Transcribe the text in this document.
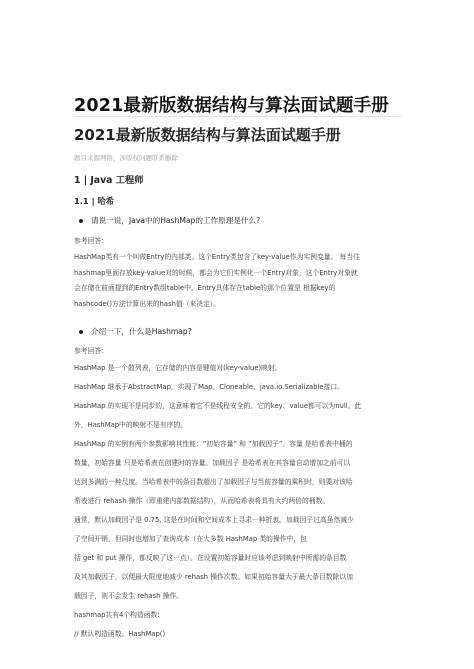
2021最新版数据结构与算法面试题手册
2021最新版数据结构与算法面试题手册

题目来源网络，涉版权问题联系删除

1 | Java 工程师
1.1 | 哈希

请说一说，Java中的HashMap的工作原理是什么?

参考回答:

HashMap类有一个叫做Entry的内部类。这个Entry类包含了key-value作为实例变量。 每当往

hashmap里面存放key-value对的时候，都会为它们实例化一个Entry对象，这个Entry对象就

会存储在前面提到的Entry数组table中。Entry具体存在table的那个位置是 根据key的

hashcode()方法计算出来的hash值（来决定）。

介绍一下，什么是Hashmap?

参考回答:

HashMap 是一个散列表，它存储的内容是键值对(key-value)映射。

HashMap 继承于AbstractMap，实现了Map、Cloneable、java.io.Serializable接口。

HashMap 的实现不是同步的，这意味着它不是线程安全的。它的key、value都可以为null。此

外，HashMap中的映射不是有序的。

HashMap 的实例有两个参数影响其性能：“初始容量” 和 “加载因子”。容量 是哈希表中桶的

数量，初始容量 只是哈希表在创建时的容量。加载因子 是哈希表在其容量自动增加之前可以

达到多满的一种尺度。当哈希表中的条目数超出了加载因子与当前容量的乘积时，则要对该哈

希表进行 rehash 操作（即重建内部数据结构），从而哈希表将具有大约两倍的桶数。

通常，默认加载因子是 0.75, 这是在时间和空间成本上寻求一种折衷。加载因子过高虽然减少

了空间开销，但同时也增加了查询成本（在大多数 HashMap 类的操作中，包

括 get 和 put 操作，都反映了这一点）。在设置初始容量时应该考虑到映射中所需的条目数

及其加载因子，以便最大限度地减少 rehash 操作次数。如果初始容量大于最大条目数除以加

载因子，则不会发生 rehash 操作。

hashmap共有4个构造函数:

// 默认构造函数。HashMap()
